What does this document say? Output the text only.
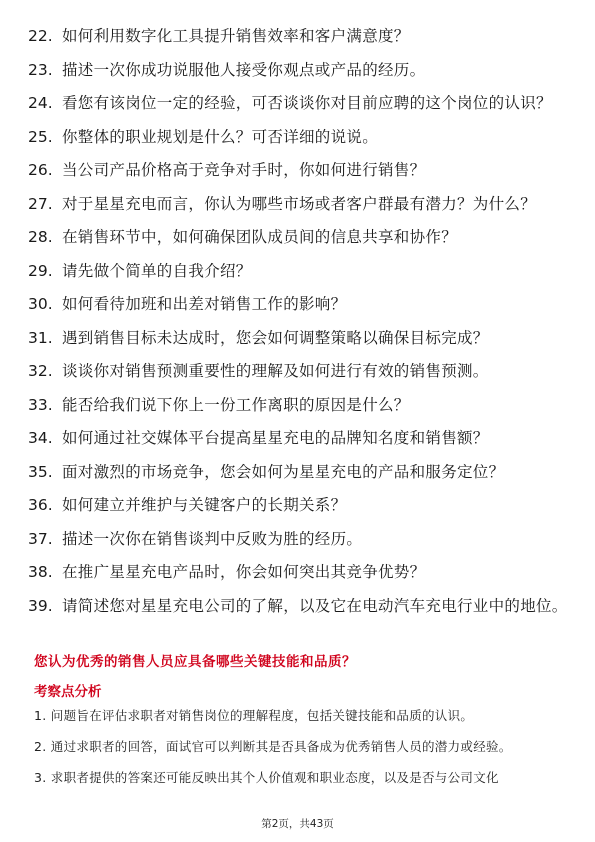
22. 如何利用数字化工具提升销售效率和客户满意度？
23. 描述一次你成功说服他人接受你观点或产品的经历。
24. 看您有该岗位一定的经验，可否谈谈你对目前应聘的这个岗位的认识？
25. 你整体的职业规划是什么？可否详细的说说。
26. 当公司产品价格高于竞争对手时，你如何进行销售？
27. 对于星星充电而言，你认为哪些市场或者客户群最有潜力？为什么？
28. 在销售环节中，如何确保团队成员间的信息共享和协作？
29. 请先做个简单的自我介绍？
30. 如何看待加班和出差对销售工作的影响？
31. 遇到销售目标未达成时，您会如何调整策略以确保目标完成？
32. 谈谈你对销售预测重要性的理解及如何进行有效的销售预测。
33. 能否给我们说下你上一份工作离职的原因是什么？
34. 如何通过社交媒体平台提高星星充电的品牌知名度和销售额？
35. 面对激烈的市场竞争，您会如何为星星充电的产品和服务定位？
36. 如何建立并维护与关键客户的长期关系？
37. 描述一次你在销售谈判中反败为胜的经历。
38. 在推广星星充电产品时，你会如何突出其竞争优势？
39. 请简述您对星星充电公司的了解，以及它在电动汽车充电行业中的地位。
您认为优秀的销售人员应具备哪些关键技能和品质？
考察点分析
1. 问题旨在评估求职者对销售岗位的理解程度，包括关键技能和品质的认识。
2. 通过求职者的回答，面试官可以判断其是否具备成为优秀销售人员的潜力或经验。
3. 求职者提供的答案还可能反映出其个人价值观和职业态度，以及是否与公司文化
第2页，共43页
